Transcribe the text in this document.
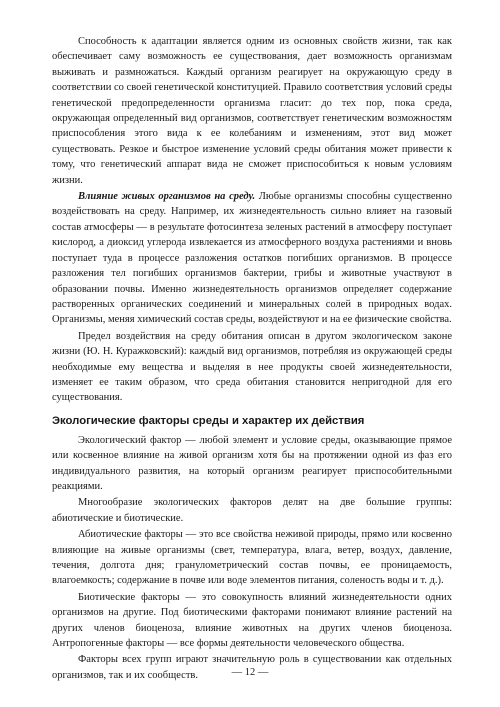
Способность к адаптации является одним из основных свойств жизни, так как обеспечивает саму возможность ее существования, дает возможность организмам выживать и размножаться. Каждый организм реагирует на окружающую среду в соответствии со своей генетической конституцией. Правило соответствия условий среды генетической предопределенности организма гласит: до тех пор, пока среда, окружающая определенный вид организмов, соответствует генетическим возможностям приспособления этого вида к ее колебаниям и изменениям, этот вид может существовать. Резкое и быстрое изменение условий среды обитания может привести к тому, что генетический аппарат вида не сможет приспособиться к новым условиям жизни.

Влияние живых организмов на среду. Любые организмы способны существенно воздействовать на среду. Например, их жизнедеятельность сильно влияет на газовый состав атмосферы — в результате фотосинтеза зеленых растений в атмосферу поступает кислород, а диоксид углерода извлекается из атмосферного воздуха растениями и вновь поступает туда в процессе разложения остатков погибших организмов. В процессе разложения тел погибших организмов бактерии, грибы и животные участвуют в образовании почвы. Именно жизнедеятельность организмов определяет содержание растворенных органических соединений и минеральных солей в природных водах. Организмы, меняя химический состав среды, воздействуют и на ее физические свойства.

Предел воздействия на среду обитания описан в другом экологическом законе жизни (Ю. Н. Куражковский): каждый вид организмов, потребляя из окружающей среды необходимые ему вещества и выделяя в нее продукты своей жизнедеятельности, изменяет ее таким образом, что среда обитания становится непригодной для его существования.

Экологические факторы среды и характер их действия

Экологический фактор — любой элемент и условие среды, оказывающие прямое или косвенное влияние на живой организм хотя бы на протяжении одной из фаз его индивидуального развития, на который организм реагирует приспособительными реакциями.

Многообразие экологических факторов делят на две большие группы: абиотические и биотические.

Абиотические факторы — это все свойства неживой природы, прямо или косвенно влияющие на живые организмы (свет, температура, влага, ветер, воздух, давление, течения, долгота дня; гранулометрический состав почвы, ее проницаемость, влагоемкость; содержание в почве или воде элементов питания, соленость воды и т. д.).

Биотические факторы — это совокупность влияний жизнедеятельности одних организмов на другие. Под биотическими факторами понимают влияние растений на других членов биоценоза, влияние животных на других членов биоценоза. Антропогенные факторы — все формы деятельности человеческого общества.

Факторы всех групп играют значительную роль в существовании как отдельных организмов, так и их сообществ.	— 12 —
